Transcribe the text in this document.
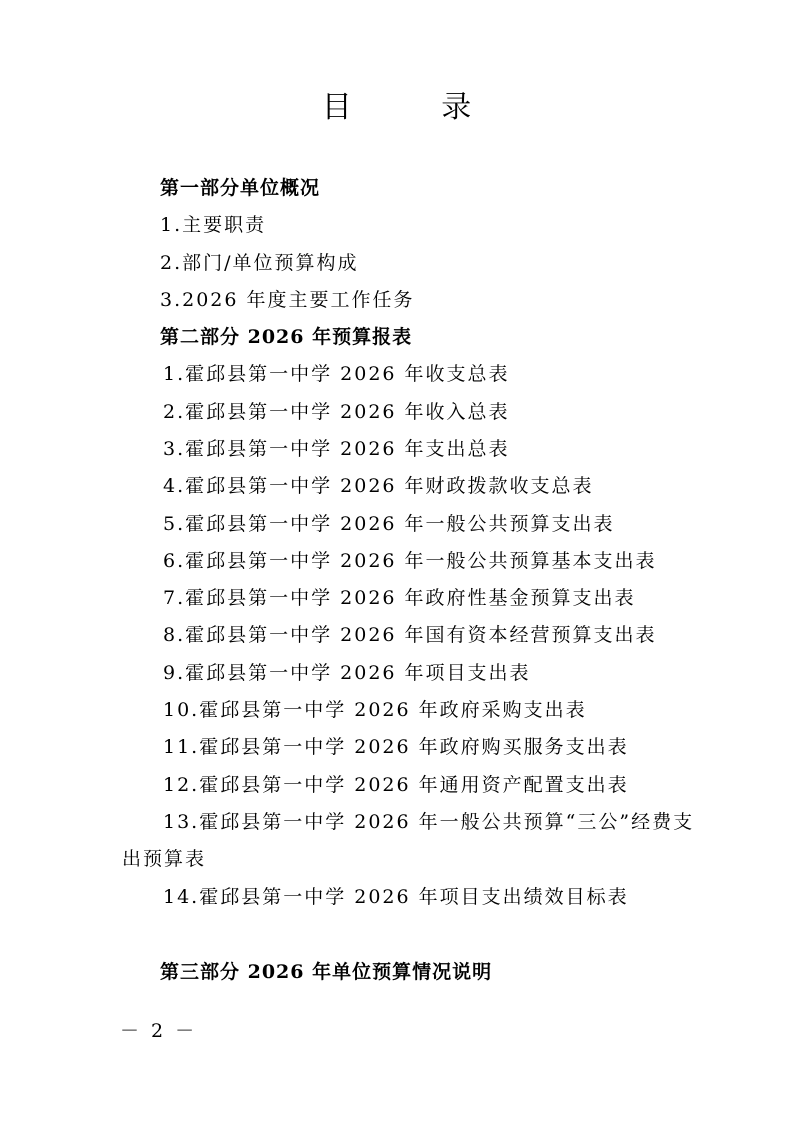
目 录
第一部分单位概况
1.主要职责
2.部门/单位预算构成
3.2026 年度主要工作任务
第二部分 2026 年预算报表
1.霍邱县第一中学 2026 年收支总表
2.霍邱县第一中学 2026 年收入总表
3.霍邱县第一中学 2026 年支出总表
4.霍邱县第一中学 2026 年财政拨款收支总表
5.霍邱县第一中学 2026 年一般公共预算支出表
6.霍邱县第一中学 2026 年一般公共预算基本支出表
7.霍邱县第一中学 2026 年政府性基金预算支出表
8.霍邱县第一中学 2026 年国有资本经营预算支出表
9.霍邱县第一中学 2026 年项目支出表
10.霍邱县第一中学 2026 年政府采购支出表
11.霍邱县第一中学 2026 年政府购买服务支出表
12.霍邱县第一中学 2026 年通用资产配置支出表
13.霍邱县第一中学 2026 年一般公共预算“三公”经费支
出预算表
14.霍邱县第一中学 2026 年项目支出绩效目标表
第三部分 2026 年单位预算情况说明
－ 2 －
